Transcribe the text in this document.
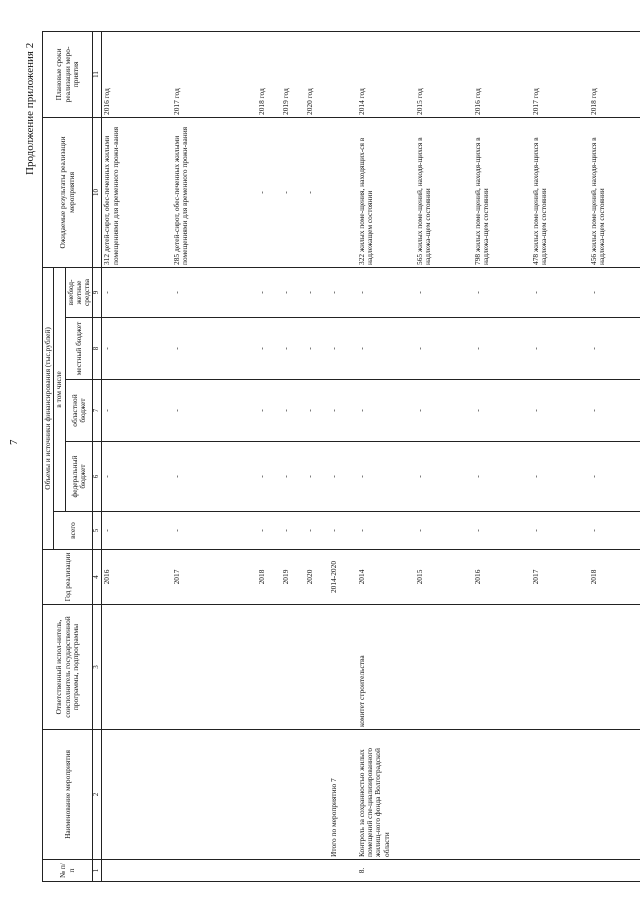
7
Продолжение приложения 2
№ п/п	Наименование мероприятия	Ответственный испол-нитель, соисполнитель государственной программы, подпрограммы	Год реализации	Объемы и источники финансирования (тыс.рублей)					Ожидаемые результаты реализации мероприятия	Плановые сроки реализации меро-приятия
				всего	в том числе					
					федеральный бюджет	областной бюджет	местный бюджет	внебюд-жетные средства		
1	2	3	4	5	6	7	8	9	10	11
			2016	-	-	-	-	-	312 детей-сирот, обес-печенных жилыми помещениями для временного прожи-вания	2016 год
			2017	-	-	-	-	-	285 детей-сирот, обес-печенных жилыми помещениями для временного прожи-вания	2017 год
			2018	-	-	-	-	-	-	2018 год
			2019	-	-	-	-	-	-	2019 год
			2020	-	-	-	-	-	-	2020 год
	Итого по мероприятию 7		2014-2020	-	-	-	-	-		
8.	Контроль за сохранностью жилых помещений спе-циализированного жилищ-ного фонда Волгоградской области	комитет строительства	2014	-	-	-	-	-	322 жилых поме-щения, находящих-ся в надлежащем состоянии	2014 год
			2015	-	-	-	-	-	565 жилых поме-щений, находя-щихся в надлежа-щем состоянии	2015 год
			2016	-	-	-	-	-	798 жилых поме-щений, находя-щихся в надлежа-щем состоянии	2016 год
			2017	-	-	-	-	-	478 жилых поме-щений, находя-щихся в надлежа-щем состоянии	2017 год
			2018	-	-	-	-	-	456 жилых поме-щений, находя-щихся в надлежа-щем состоянии	2018 год
